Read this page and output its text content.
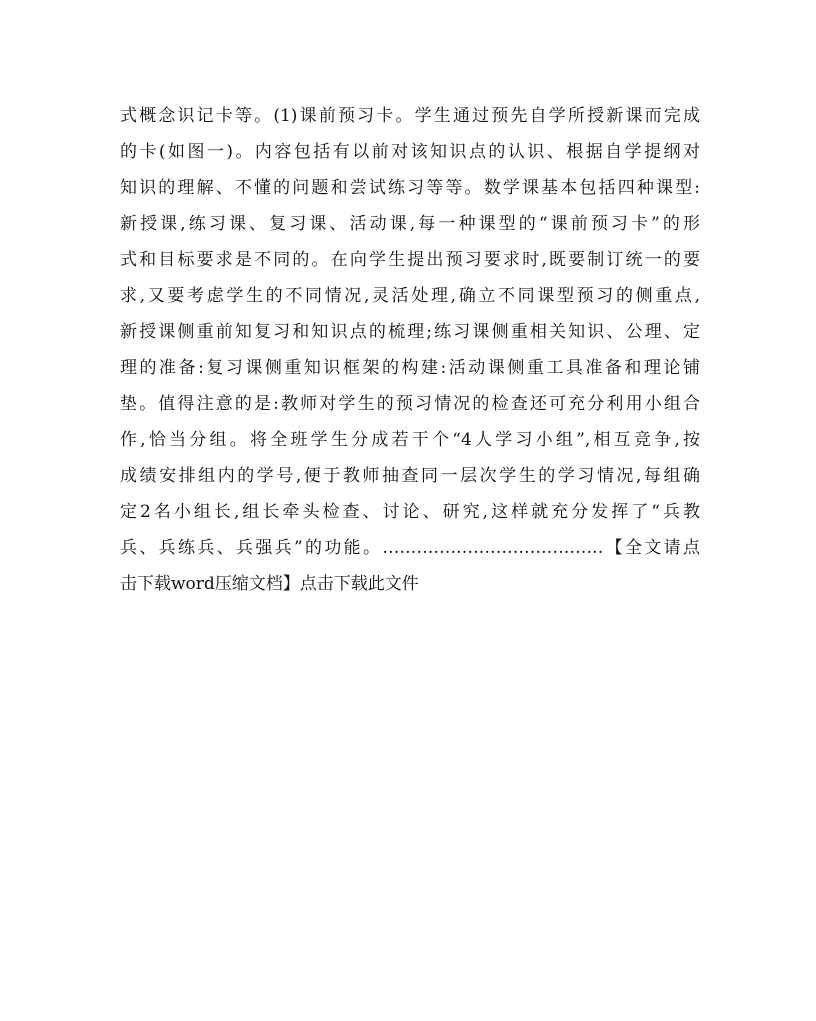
式概念识记卡等。(1)课前预习卡。学生通过预先自学所授新课而完成
的卡(如图一)。内容包括有以前对该知识点的认识、根据自学提纲对
知识的理解、不懂的问题和尝试练习等等。数学课基本包括四种课型:
新授课,练习课、复习课、活动课,每一种课型的“课前预习卡”的形
式和目标要求是不同的。在向学生提出预习要求时,既要制订统一的要
求,又要考虑学生的不同情况,灵活处理,确立不同课型预习的侧重点,
新授课侧重前知复习和知识点的梳理;练习课侧重相关知识、公理、定
理的准备:复习课侧重知识框架的构建:活动课侧重工具准备和理论铺
垫。值得注意的是:教师对学生的预习情况的检查还可充分利用小组合
作,恰当分组。将全班学生分成若干个“4人学习小组”,相互竞争,按
成绩安排组内的学号,便于教师抽查同一层次学生的学习情况,每组确
定2名小组长,组长牵头检查、讨论、研究,这样就充分发挥了“兵教
兵、兵练兵、兵强兵”的功能。…………………………………【全文请点
击下载word压缩文档】点击下载此文件
